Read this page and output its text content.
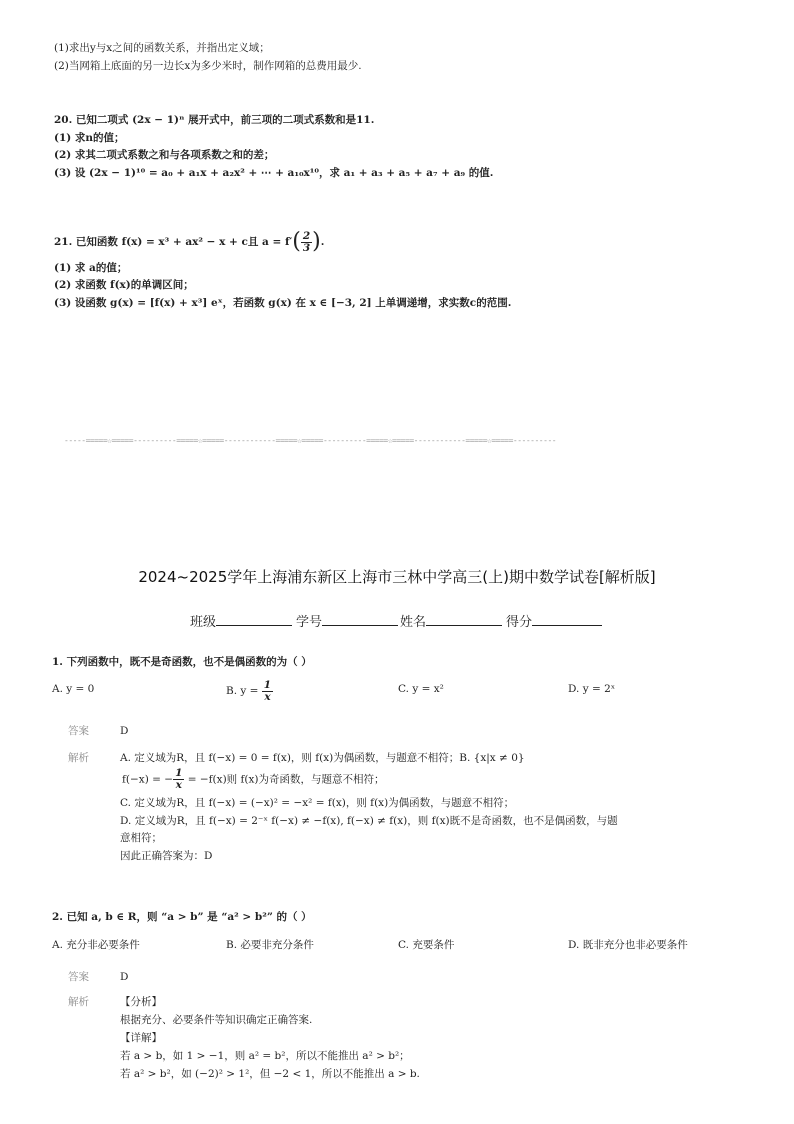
(1)求出y与x之间的函数关系，并指出定义域；
(2)当网箱上底面的另一边长x为多少米时，制作网箱的总费用最少.
20. 已知二项式 (2x − 1)ⁿ 展开式中，前三项的二项式系数和是11.
(1) 求n的值；
(2) 求其二项式系数之和与各项系数之和的差；
(3) 设 (2x − 1)¹⁰ = a₀ + a₁x + a₂x² + ⋯ + a₁₀x¹⁰，求 a₁ + a₃ + a₅ + a₇ + a₉ 的值.
21. 已知函数 f(x) = x³ + ax² − x + c且 $a = f'( \frac{2}{3}$ ).
(1) 求 a的值；
(2) 求函数 f(x)的单调区间；
(3) 设函数 g(x) = [f(x) + x³] eˣ，若函数 g(x) 在 x ∈ [−3, 2] 上单调递增，求实数c的范围.
-----=====☆=====----------=====☆=====------------=====☆=====----------=====☆=====------------=====☆=====----------
2024~2025学年上海浦东新区上海市三林中学高三(上)期中数学试卷[解析版]
班级	学号	姓名	得分
1. 下列函数中，既不是奇函数，也不是偶函数的为（ ）
A. y = 0	B. $y = \frac{1}{x}$	C. y = x²	D. y = 2ˣ
答案	D
解析	A. 定义域为R，且 f(−x) = 0 = f(x)，则 f(x)为偶函数，与题意不相符；B. {x|x ≠ 0}
f(−x) = − $\frac{1}{x} = -f(x)$则 f(x)为奇函数，与题意不相符；
C. 定义域为R，且 f(−x) = (−x)² = −x² = f(x)，则 f(x)为偶函数，与题意不相符；
D. 定义域为R，且 f(−x) = 2⁻ˣ f(−x) ≠ −f(x), f(−x) ≠ f(x)，则 f(x)既不是奇函数，也不是偶函数，与题
意相符；
因此正确答案为：D
2. 已知 a, b ∈ R，则 “a > b” 是 “a² > b²” 的（ ）
A. 充分非必要条件	B. 必要非充分条件	C. 充要条件	D. 既非充分也非必要条件
答案	D
解析	【分析】
根据充分、必要条件等知识确定正确答案.
【详解】
若 a > b，如 1 > −1，则 a² = b²，所以不能推出 a² > b²；
若 a² > b²，如 (−2)² > 1²，但 −2 < 1，所以不能推出 a > b.
